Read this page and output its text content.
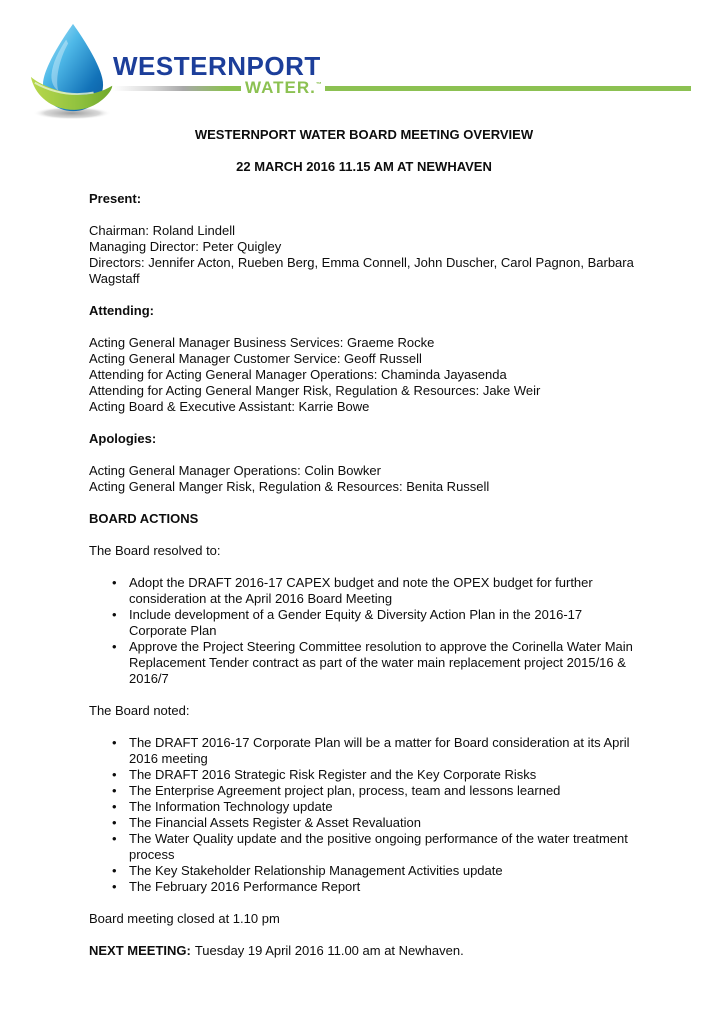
WESTERNPORT
WATER.™
WESTERNPORT WATER BOARD MEETING OVERVIEW
22 MARCH 2016 11.15 AM AT NEWHAVEN
Present:
Chairman: Roland Lindell
Managing Director: Peter Quigley
Directors: Jennifer Acton, Rueben Berg, Emma Connell, John Duscher, Carol Pagnon, Barbara Wagstaff
Attending:
Acting General Manager Business Services: Graeme Rocke
Acting General Manager Customer Service: Geoff Russell
Attending for Acting General Manager Operations: Chaminda Jayasenda
Attending for Acting General Manger Risk, Regulation & Resources: Jake Weir
Acting Board & Executive Assistant: Karrie Bowe
Apologies:
Acting General Manager Operations: Colin Bowker
Acting General Manger Risk, Regulation & Resources: Benita Russell
BOARD ACTIONS
The Board resolved to:
• Adopt the DRAFT 2016-17 CAPEX budget and note the OPEX budget for further consideration at the April 2016 Board Meeting
• Include development of a Gender Equity & Diversity Action Plan in the 2016-17 Corporate Plan
• Approve the Project Steering Committee resolution to approve the Corinella Water Main Replacement Tender contract as part of the water main replacement project 2015/16 & 2016/7
The Board noted:
• The DRAFT 2016-17 Corporate Plan will be a matter for Board consideration at its April 2016 meeting
• The DRAFT 2016 Strategic Risk Register and the Key Corporate Risks
• The Enterprise Agreement project plan, process, team and lessons learned
• The Information Technology update
• The Financial Assets Register & Asset Revaluation
• The Water Quality update and the positive ongoing performance of the water treatment process
• The Key Stakeholder Relationship Management Activities update
• The February 2016 Performance Report
Board meeting closed at 1.10 pm
NEXT MEETING: Tuesday 19 April 2016 11.00 am at Newhaven.
